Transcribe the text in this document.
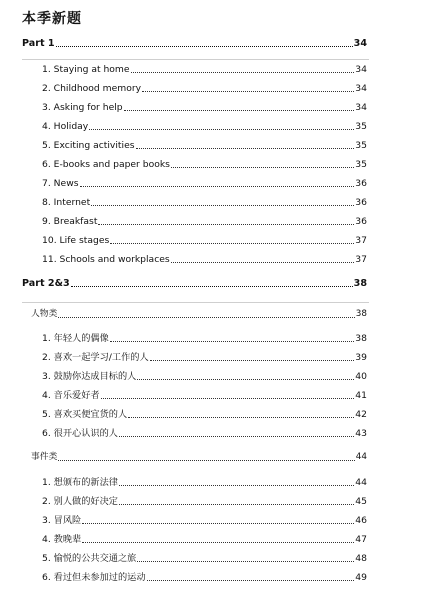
本季新题
Part 1	34
1. Staying at home	34
2. Childhood memory	34
3. Asking for help	34
4. Holiday	35
5. Exciting activities	35
6. E-books and paper books	35
7. News	36
8. Internet	36
9. Breakfast	36
10. Life stages	37
11. Schools and workplaces	37
Part 2&3	38
人物类	38
1. 年轻人的偶像	38
2. 喜欢一起学习/工作的人	39
3. 鼓励你达成目标的人	40
4. 音乐爱好者	41
5. 喜欢买便宜货的人	42
6. 很开心认识的人	43
事件类	44
1. 想颁布的新法律	44
2. 别人做的好决定	45
3. 冒风险	46
4. 教晚辈	47
5. 愉悦的公共交通之旅	48
6. 看过但未参加过的运动	49
